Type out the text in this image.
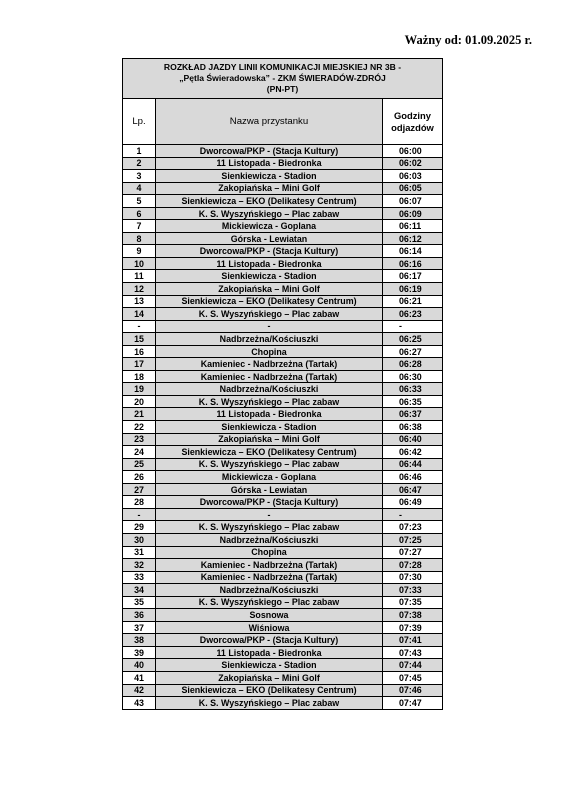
Ważny od: 01.09.2025 r.
ROZKŁAD JAZDY LINII KOMUNIKACJI MIEJSKIEJ NR 3B -
„Pętla Świeradowska” - ZKM ŚWIERADÓW-ZDRÓJ
(PN-PT)		

Lp.	Nazwa przystanku	Godziny
odjazdów

1	Dworcowa/PKP - (Stacja Kultury)	06:00
2	11 Listopada - Biedronka	06:02
3	Sienkiewicza - Stadion	06:03
4	Zakopiańska – Mini Golf	06:05
5	Sienkiewicza – EKO (Delikatesy Centrum)	06:07
6	K. S. Wyszyńskiego – Plac zabaw	06:09
7	Mickiewicza - Goplana	06:11
8	Górska - Lewiatan	06:12
9	Dworcowa/PKP - (Stacja Kultury)	06:14
10	11 Listopada - Biedronka	06:16
11	Sienkiewicza - Stadion	06:17
12	Zakopiańska – Mini Golf	06:19
13	Sienkiewicza – EKO (Delikatesy Centrum)	06:21
14	K. S. Wyszyńskiego – Plac zabaw	06:23
-	-	-
15	Nadbrzeżna/Kościuszki	06:25
16	Chopina	06:27
17	Kamieniec - Nadbrzeżna (Tartak)	06:28
18	Kamieniec - Nadbrzeżna (Tartak)	06:30
19	Nadbrzeżna/Kościuszki	06:33
20	K. S. Wyszyńskiego – Plac zabaw	06:35
21	11 Listopada - Biedronka	06:37
22	Sienkiewicza - Stadion	06:38
23	Zakopiańska – Mini Golf	06:40
24	Sienkiewicza – EKO (Delikatesy Centrum)	06:42
25	K. S. Wyszyńskiego – Plac zabaw	06:44
26	Mickiewicza - Goplana	06:46
27	Górska - Lewiatan	06:47
28	Dworcowa/PKP - (Stacja Kultury)	06:49
-	-	-
29	K. S. Wyszyńskiego – Plac zabaw	07:23
30	Nadbrzeżna/Kościuszki	07:25
31	Chopina	07:27
32	Kamieniec - Nadbrzeżna (Tartak)	07:28
33	Kamieniec - Nadbrzeżna (Tartak)	07:30
34	Nadbrzeżna/Kościuszki	07:33
35	K. S. Wyszyńskiego – Plac zabaw	07:35
36	Sosnowa	07:38
37	Wiśniowa	07:39
38	Dworcowa/PKP - (Stacja Kultury)	07:41
39	11 Listopada - Biedronka	07:43
40	Sienkiewicza - Stadion	07:44
41	Zakopiańska – Mini Golf	07:45
42	Sienkiewicza – EKO (Delikatesy Centrum)	07:46
43	K. S. Wyszyńskiego – Plac zabaw	07:47
